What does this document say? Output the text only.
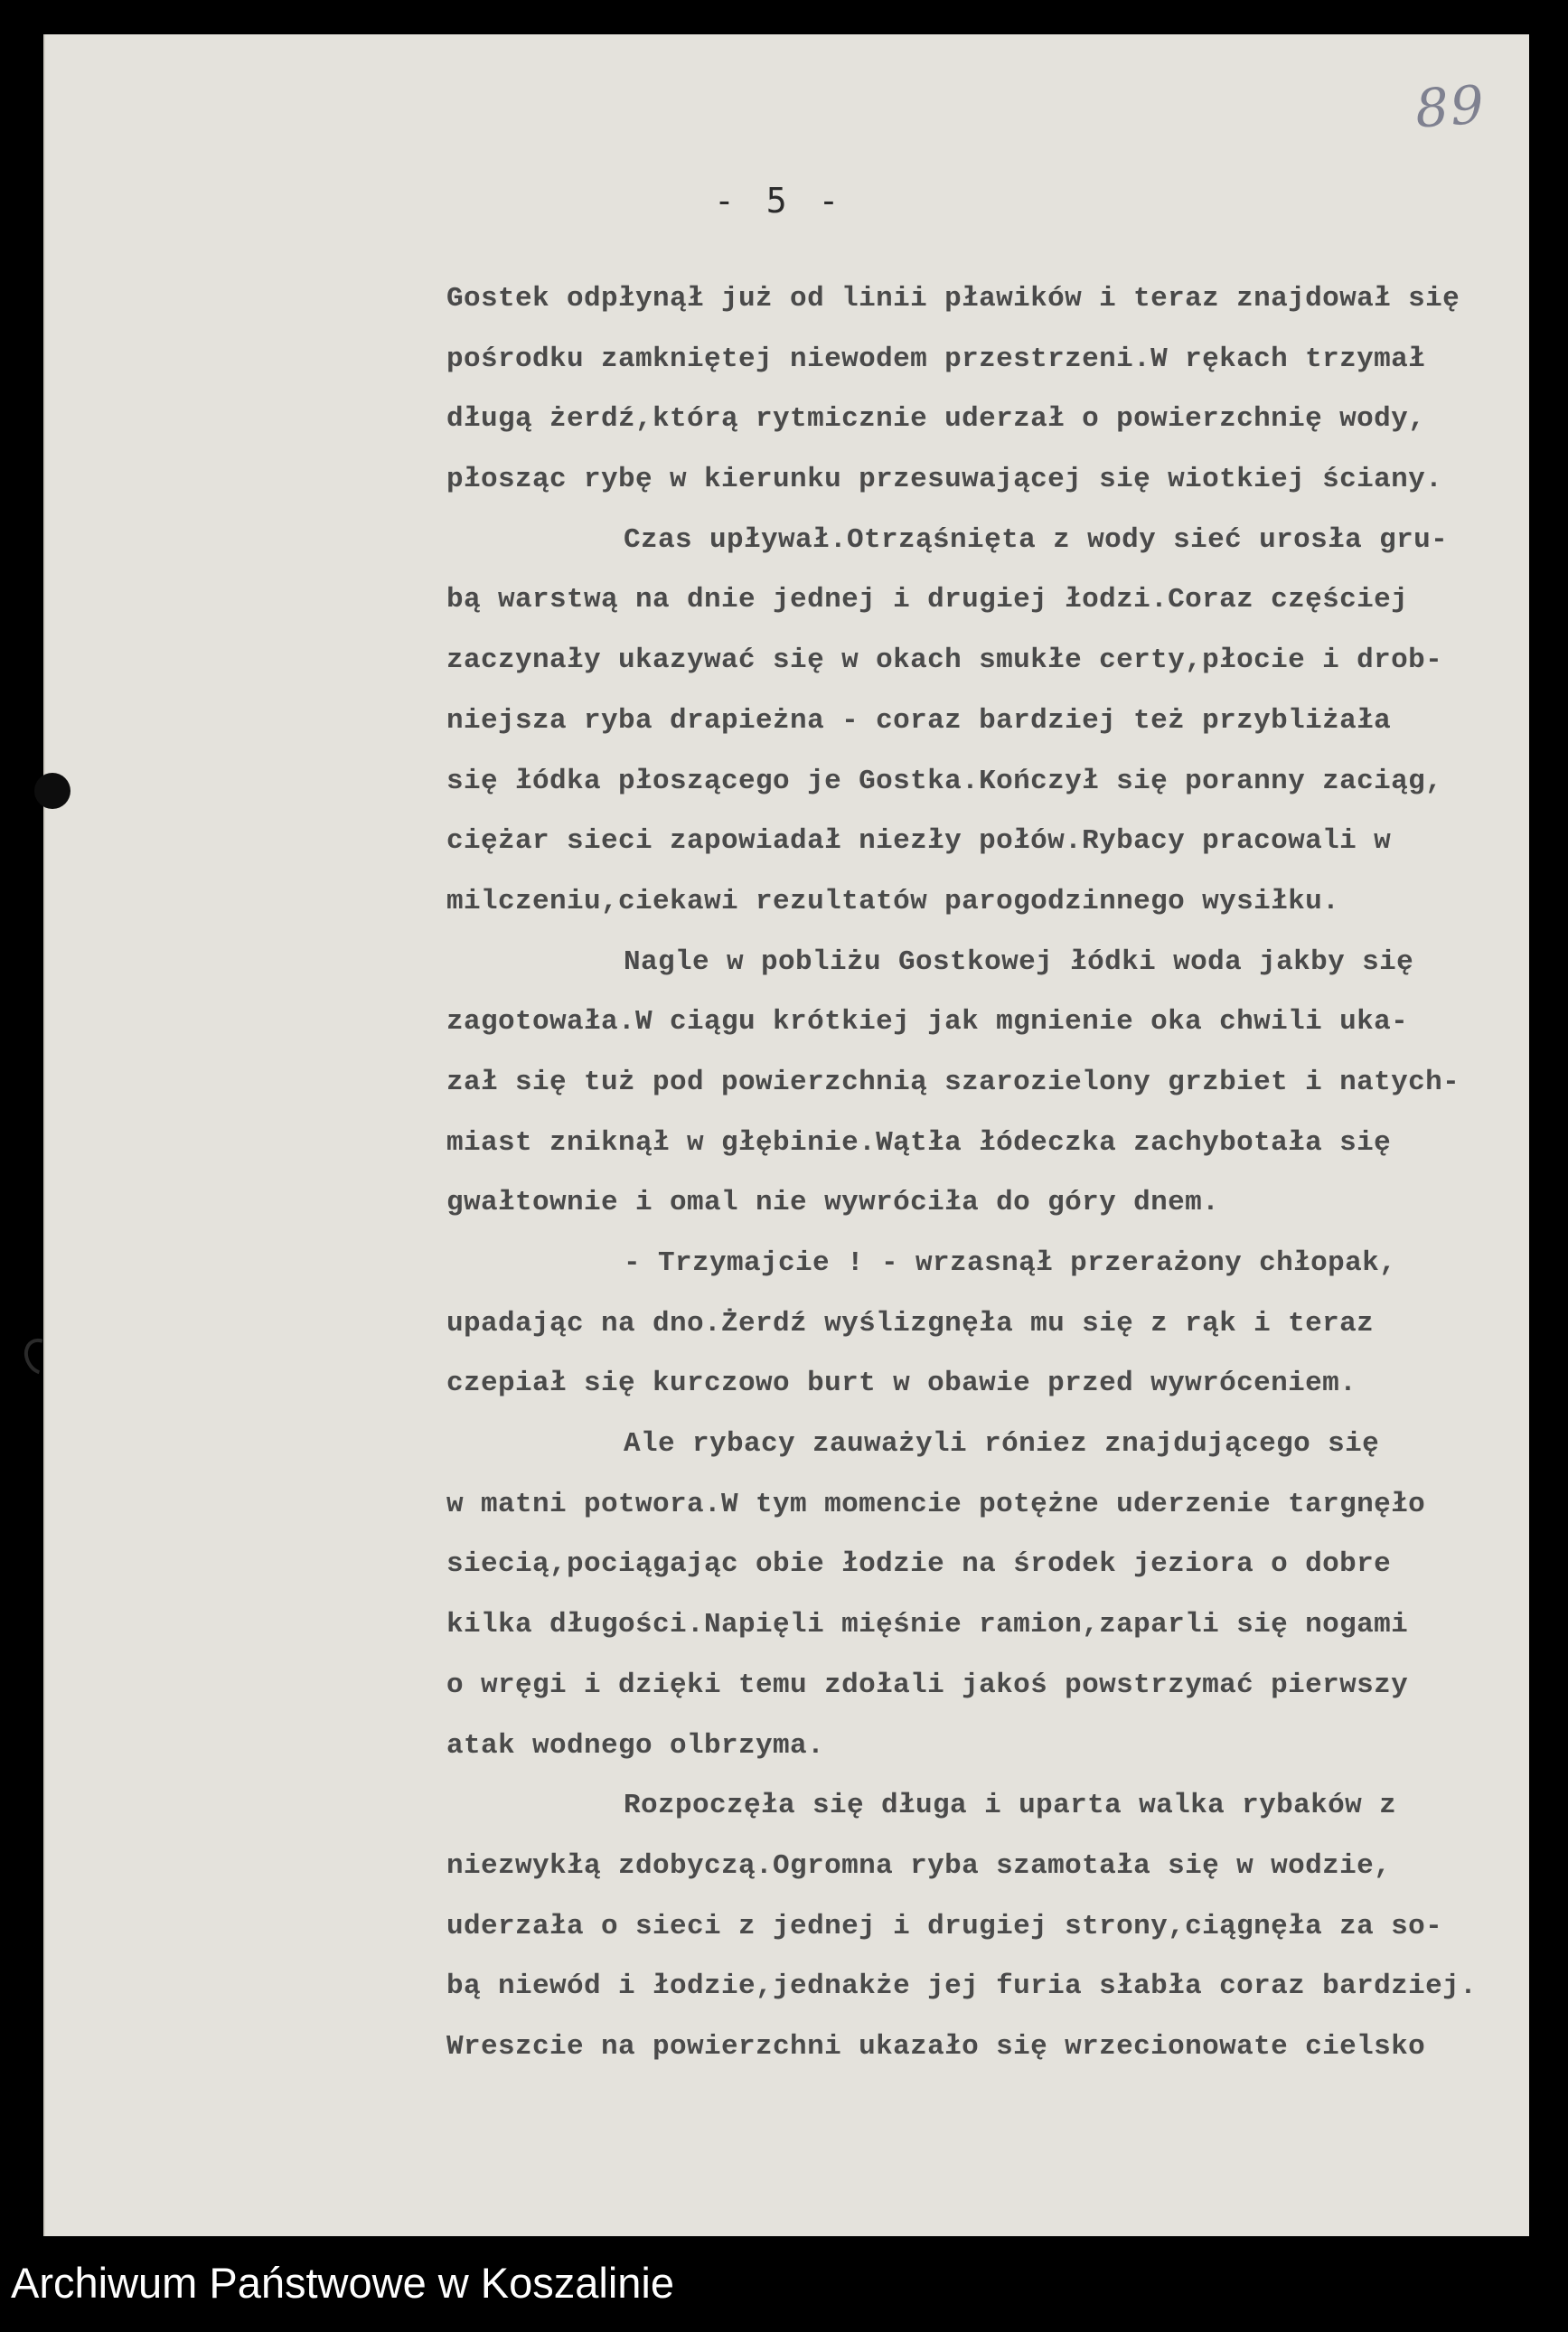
89
- 5 -
Gostek odpłynął już od linii pławików i teraz znajdował się
pośrodku zamkniętej niewodem przestrzeni.W rękach trzymał
długą żerdź,którą rytmicznie uderzał o powierzchnię wody,
płosząc rybę w kierunku przesuwającej się wiotkiej ściany.
Czas upływał.Otrząśnięta z wody sieć urosła gru-
bą warstwą na dnie jednej i drugiej łodzi.Coraz częściej
zaczynały ukazywać się w okach smukłe certy,płocie i drob-
niejsza ryba drapieżna - coraz bardziej też przybliżała
się łódka płoszącego je Gostka.Kończył się poranny zaciąg,
ciężar sieci zapowiadał niezły połów.Rybacy pracowali w
milczeniu,ciekawi rezultatów parogodzinnego wysiłku.
Nagle w pobliżu Gostkowej łódki woda jakby się
zagotowała.W ciągu krótkiej jak mgnienie oka chwili uka-
zał się tuż pod powierzchnią szarozielony grzbiet i natych-
miast zniknął w głębinie.Wątła łódeczka zachybotała się
gwałtownie i omal nie wywróciła do góry dnem.
- Trzymajcie ! - wrzasnął przerażony chłopak,
upadając na dno.Żerdź wyślizgnęła mu się z rąk i teraz
czepiał się kurczowo burt w obawie przed wywróceniem.
Ale rybacy zauważyli róniez znajdującego się
w matni potwora.W tym momencie potężne uderzenie targnęło
siecią,pociągając obie łodzie na środek jeziora o dobre
kilka długości.Napięli mięśnie ramion,zaparli się nogami
o wręgi i dzięki temu zdołali jakoś powstrzymać pierwszy
atak wodnego olbrzyma.
Rozpoczęła się długa i uparta walka rybaków z
niezwykłą zdobyczą.Ogromna ryba szamotała się w wodzie,
uderzała o sieci z jednej i drugiej strony,ciągnęła za so-
bą niewód i łodzie,jednakże jej furia słabła coraz bardziej.
Wreszcie na powierzchni ukazało się wrzecionowate cielsko
Archiwum Państwowe w Koszalinie
